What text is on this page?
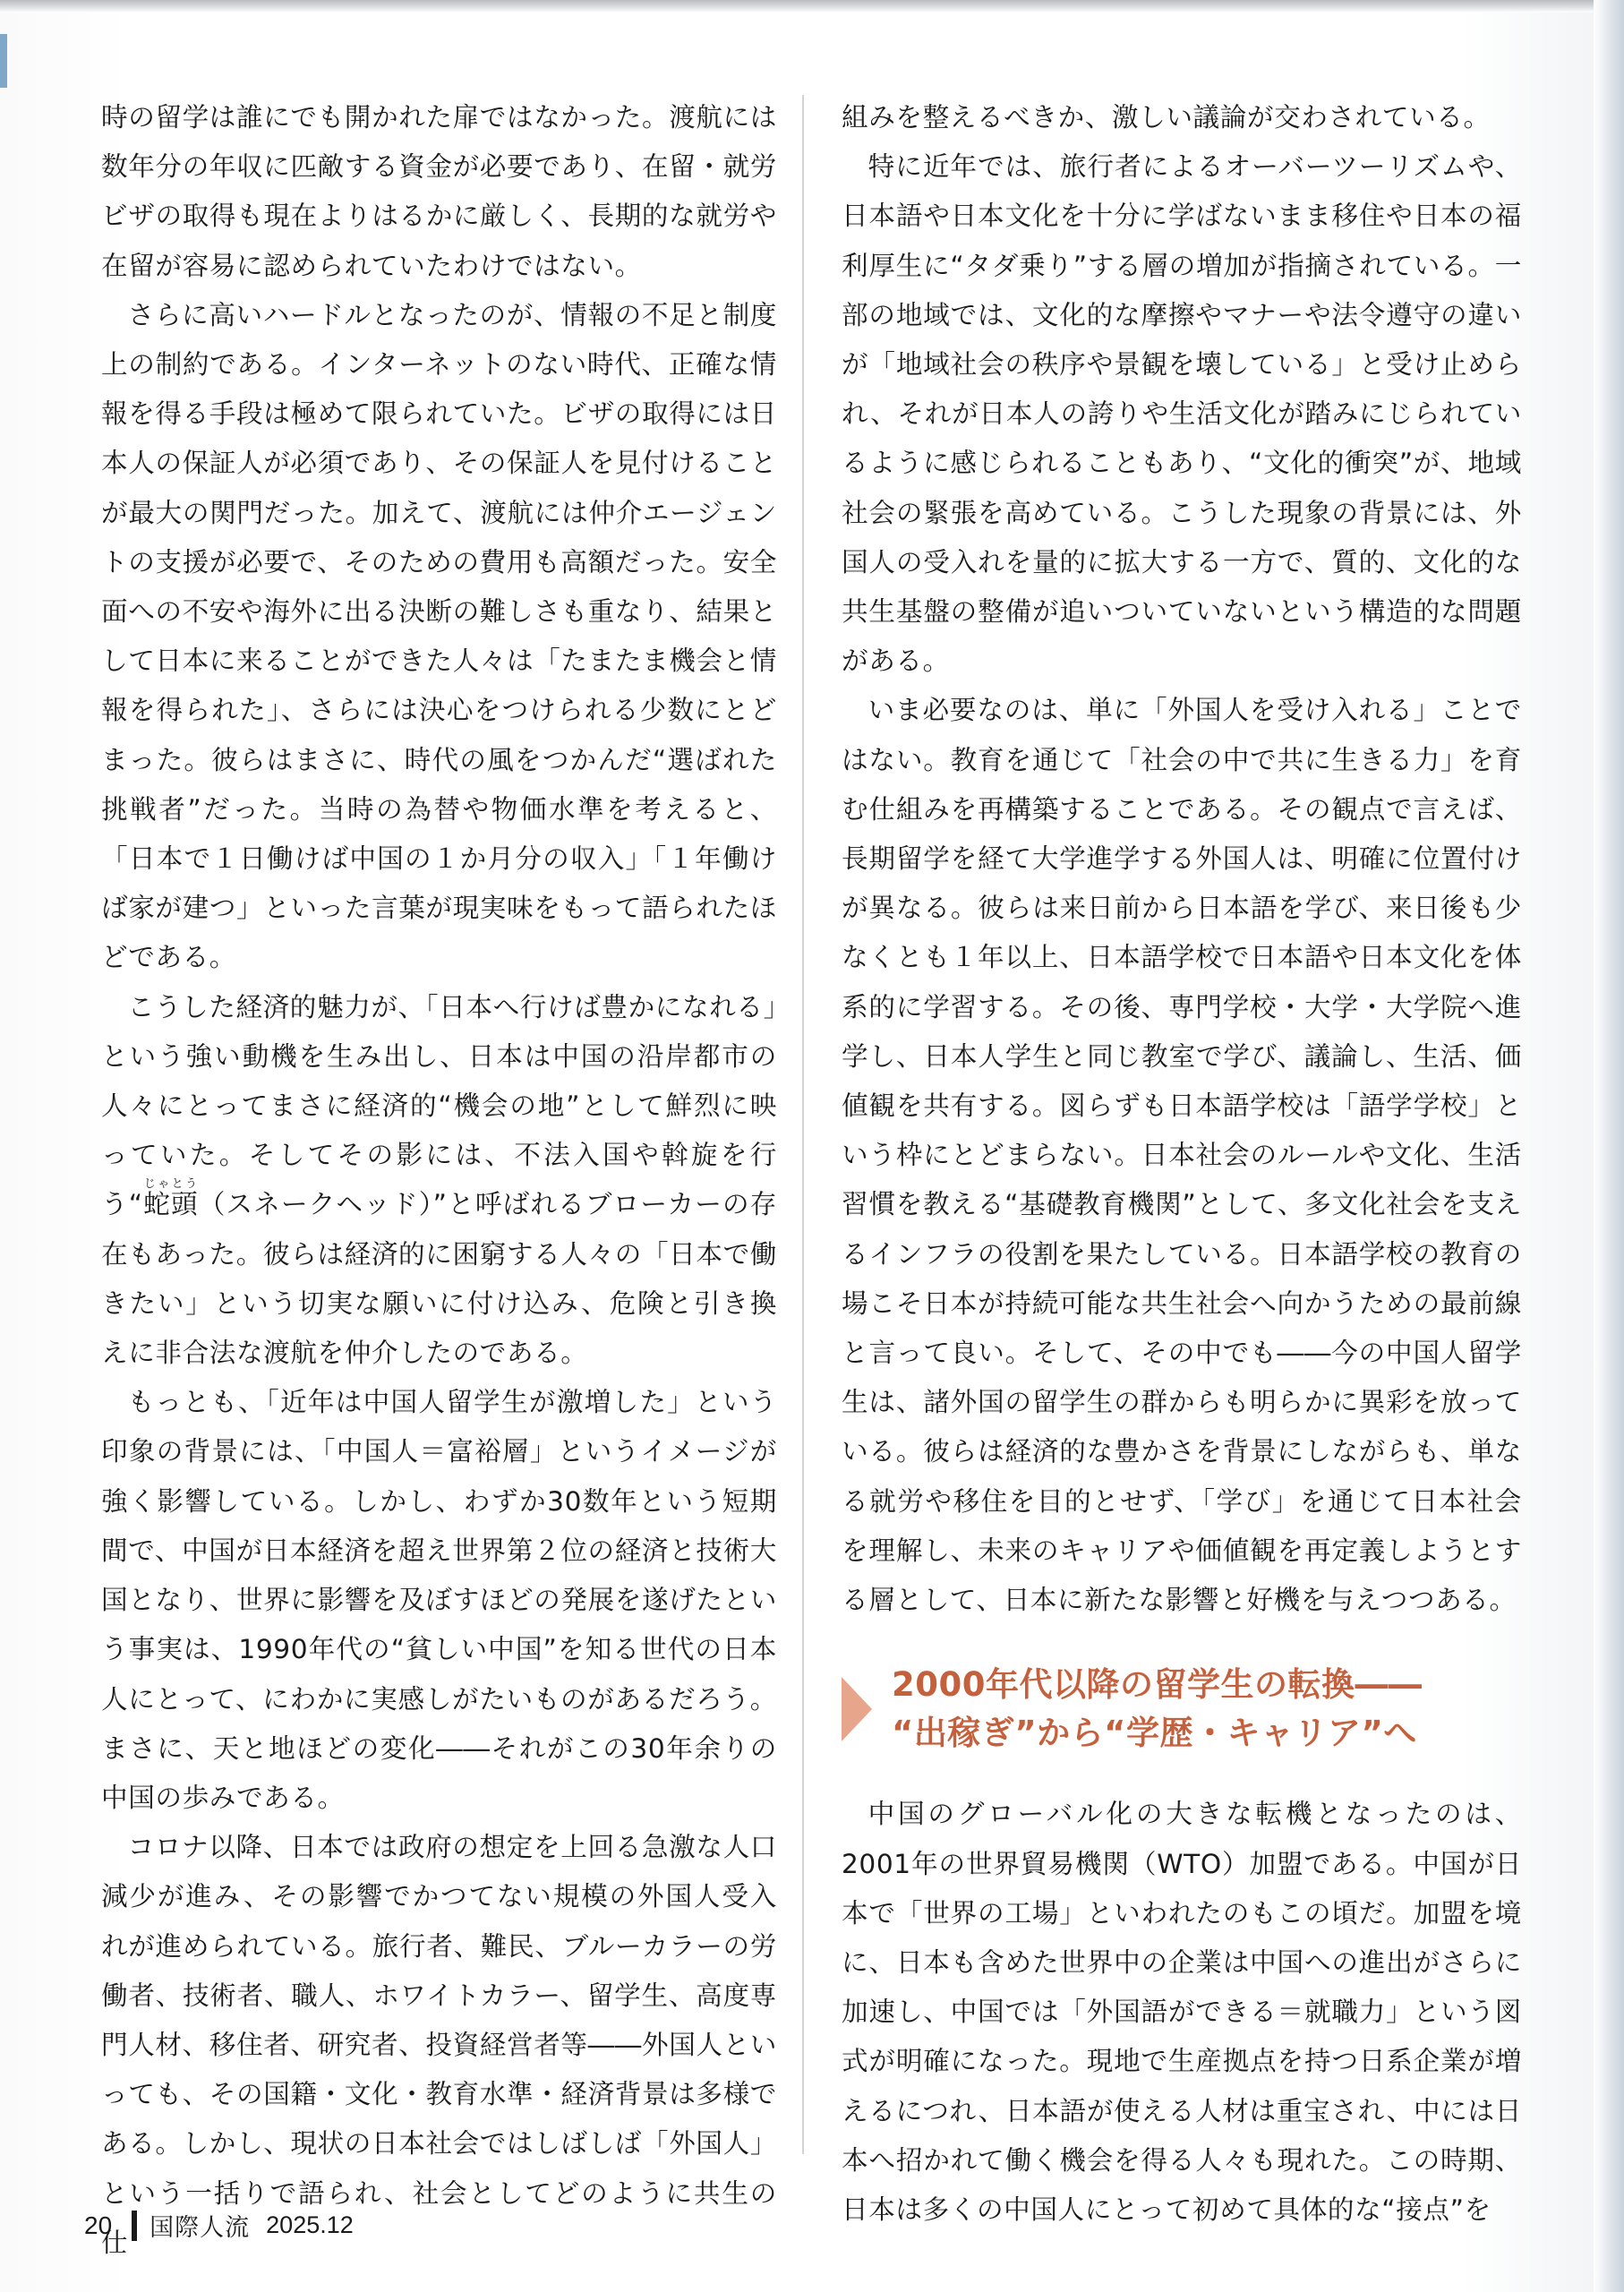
時の留学は誰にでも開かれた扉ではなかった。渡航には数年分の年収に匹敵する資金が必要であり、在留・就労ビザの取得も現在よりはるかに厳しく、長期的な就労や在留が容易に認められていたわけではない。

さらに高いハードルとなったのが、情報の不足と制度上の制約である。インターネットのない時代、正確な情報を得る手段は極めて限られていた。ビザの取得には日本人の保証人が必須であり、その保証人を見付けることが最大の関門だった。加えて、渡航には仲介エージェントの支援が必要で、そのための費用も高額だった。安全面への不安や海外に出る決断の難しさも重なり、結果として日本に来ることができた人々は「たまたま機会と情報を得られた」、さらには決心をつけられる少数にとどまった。彼らはまさに、時代の風をつかんだ“選ばれた挑戦者”だった。当時の為替や物価水準を考えると、「日本で１日働けば中国の１か月分の収入」「１年働けば家が建つ」といった言葉が現実味をもって語られたほどである。

こうした経済的魅力が、「日本へ行けば豊かになれる」という強い動機を生み出し、日本は中国の沿岸都市の人々にとってまさに経済的“機会の地”として鮮烈に映っていた。そしてその影には、不法入国や斡旋を行う“蛇頭じゃとう（スネークヘッド）”と呼ばれるブローカーの存在もあった。彼らは経済的に困窮する人々の「日本で働きたい」という切実な願いに付け込み、危険と引き換えに非合法な渡航を仲介したのである。

もっとも、「近年は中国人留学生が激増した」という印象の背景には、「中国人＝富裕層」というイメージが強く影響している。しかし、わずか30数年という短期間で、中国が日本経済を超え世界第２位の経済と技術大国となり、世界に影響を及ぼすほどの発展を遂げたという事実は、1990年代の“貧しい中国”を知る世代の日本人にとって、にわかに実感しがたいものがあるだろう。まさに、天と地ほどの変化――それがこの30年余りの中国の歩みである。

コロナ以降、日本では政府の想定を上回る急激な人口減少が進み、その影響でかつてない規模の外国人受入れが進められている。旅行者、難民、ブルーカラーの労働者、技術者、職人、ホワイトカラー、留学生、高度専門人材、移住者、研究者、投資経営者等――外国人といっても、その国籍・文化・教育水準・経済背景は多様である。しかし、現状の日本社会ではしばしば「外国人」という一括りで語られ、社会としてどのように共生の仕

組みを整えるべきか、激しい議論が交わされている。

特に近年では、旅行者によるオーバーツーリズムや、日本語や日本文化を十分に学ばないまま移住や日本の福利厚生に“タダ乗り”する層の増加が指摘されている。一部の地域では、文化的な摩擦やマナーや法令遵守の違いが「地域社会の秩序や景観を壊している」と受け止められ、それが日本人の誇りや生活文化が踏みにじられているように感じられることもあり、“文化的衝突”が、地域社会の緊張を高めている。こうした現象の背景には、外国人の受入れを量的に拡大する一方で、質的、文化的な共生基盤の整備が追いついていないという構造的な問題がある。

いま必要なのは、単に「外国人を受け入れる」ことではない。教育を通じて「社会の中で共に生きる力」を育む仕組みを再構築することである。その観点で言えば、長期留学を経て大学進学する外国人は、明確に位置付けが異なる。彼らは来日前から日本語を学び、来日後も少なくとも１年以上、日本語学校で日本語や日本文化を体系的に学習する。その後、専門学校・大学・大学院へ進学し、日本人学生と同じ教室で学び、議論し、生活、価値観を共有する。図らずも日本語学校は「語学学校」という枠にとどまらない。日本社会のルールや文化、生活習慣を教える“基礎教育機関”として、多文化社会を支えるインフラの役割を果たしている。日本語学校の教育の場こそ日本が持続可能な共生社会へ向かうための最前線と言って良い。そして、その中でも――今の中国人留学生は、諸外国の留学生の群からも明らかに異彩を放っている。彼らは経済的な豊かさを背景にしながらも、単なる就労や移住を目的とせず、「学び」を通じて日本社会を理解し、未来のキャリアや価値観を再定義しようとする層として、日本に新たな影響と好機を与えつつある。

2000年代以降の留学生の転換――
“出稼ぎ”から“学歴・キャリア”へ

中国のグローバル化の大きな転機となったのは、2001年の世界貿易機関（WTO）加盟である。中国が日本で「世界の工場」といわれたのもこの頃だ。加盟を境に、日本も含めた世界中の企業は中国への進出がさらに加速し、中国では「外国語ができる＝就職力」という図式が明確になった。現地で生産拠点を持つ日系企業が増えるにつれ、日本語が使える人材は重宝され、中には日本へ招かれて働く機会を得る人々も現れた。この時期、日本は多くの中国人にとって初めて具体的な“接点”を

20 国際人流 2025.12
